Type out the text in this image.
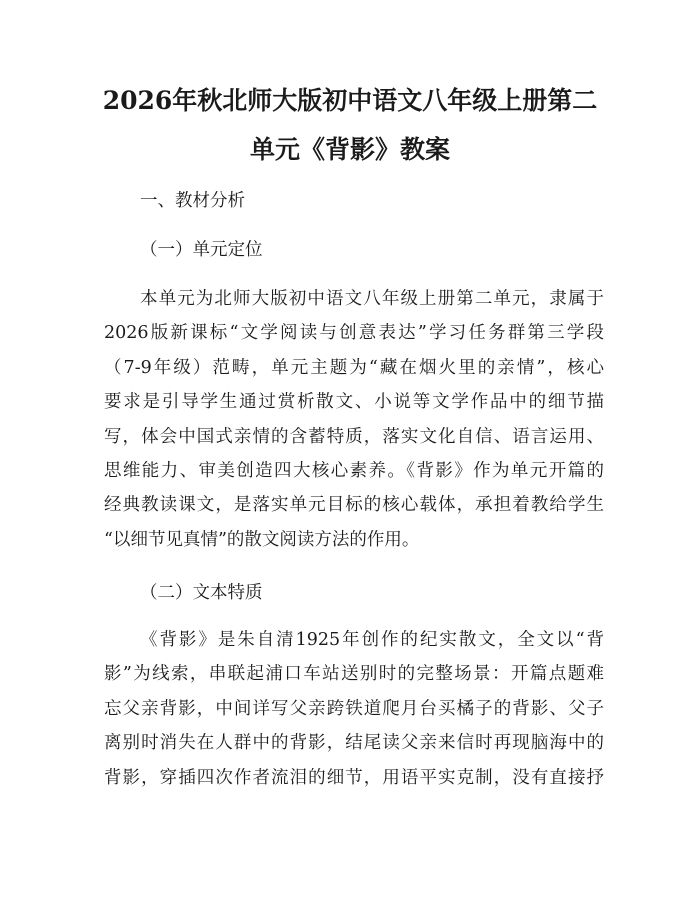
2026年秋北师大版初中语文八年级上册第二
单元《背影》教案
一、教材分析
（一）单元定位
本单元为北师大版初中语文八年级上册第二单元，隶属于
2026版新课标“文学阅读与创意表达”学习任务群第三学段
（7-9年级）范畴，单元主题为“藏在烟火里的亲情”，核心
要求是引导学生通过赏析散文、小说等文学作品中的细节描
写，体会中国式亲情的含蓄特质，落实文化自信、语言运用、
思维能力、审美创造四大核心素养。《背影》作为单元开篇的
经典教读课文，是落实单元目标的核心载体，承担着教给学生
“以细节见真情”的散文阅读方法的作用。
（二）文本特质
《背影》是朱自清1925年创作的纪实散文，全文以“背
影”为线索，串联起浦口车站送别时的完整场景：开篇点题难
忘父亲背影，中间详写父亲跨铁道爬月台买橘子的背影、父子
离别时消失在人群中的背影，结尾读父亲来信时再现脑海中的
背影，穿插四次作者流泪的细节，用语平实克制，没有直接抒
